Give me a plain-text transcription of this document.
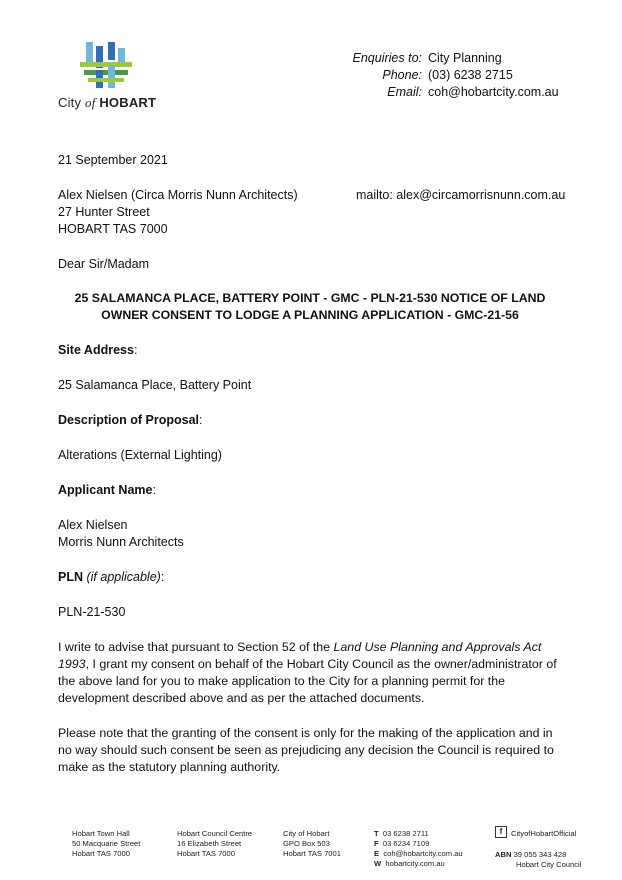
City of HOBART
Enquiries to: City Planning
Phone: (03) 6238 2715
Email: coh@hobartcity.com.au
21 September 2021
Alex Nielsen (Circa Morris Nunn Architects)	mailto: alex@circamorrisnunn.com.au
27 Hunter Street
HOBART TAS 7000
Dear Sir/Madam
25 SALAMANCA PLACE, BATTERY POINT - GMC - PLN-21-530 NOTICE OF LAND
OWNER CONSENT TO LODGE A PLANNING APPLICATION - GMC-21-56
Site Address:
25 Salamanca Place, Battery Point
Description of Proposal:
Alterations (External Lighting)
Applicant Name:
Alex Nielsen
Morris Nunn Architects
PLN (if applicable):
PLN-21-530
I write to advise that pursuant to Section 52 of the Land Use Planning and Approvals Act 1993, I grant my consent on behalf of the Hobart City Council as the owner/administrator of the above land for you to make application to the City for a planning permit for the development described above and as per the attached documents.
Please note that the granting of the consent is only for the making of the application and in no way should such consent be seen as prejudicing any decision the Council is required to make as the statutory planning authority.
Hobart Town Hall
50 Macquarie Street
Hobart TAS 7000
Hobart Council Centre
16 Elizabeth Street
Hobart TAS 7000
City of Hobart
GPO Box 503
Hobart TAS 7001
T 03 6238 2711
F 03 6234 7109
E coh@hobartcity.com.au
W hobartcity.com.au
f	CityofHobartOfficial
ABN 39 055 343 428
Hobart City Council
